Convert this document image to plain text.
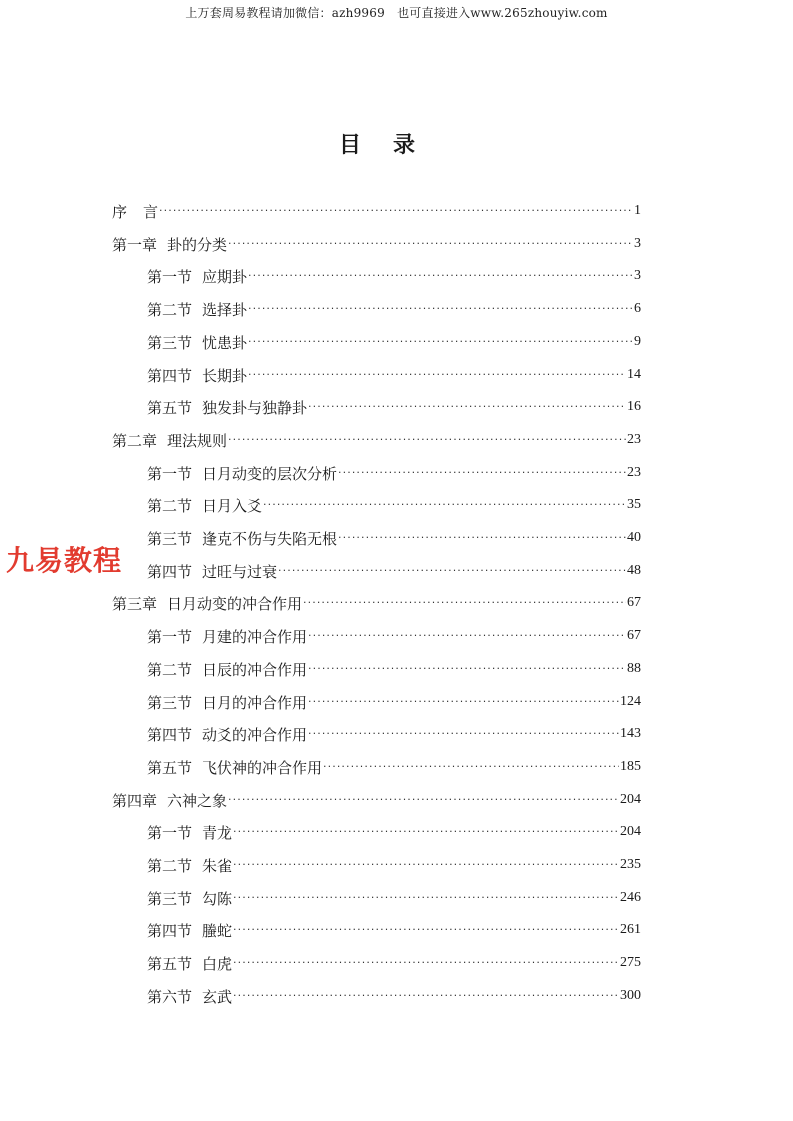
上万套周易教程请加微信：azh9969　也可直接进入www.265zhouyiw.com
目 录
序 言 ·····	1
第一章 卦的分类 ·····	3
第一节 应期卦 ·····	3
第二节 选择卦 ·····	6
第三节 忧患卦 ·····	9
第四节 长期卦 ·····	14
第五节 独发卦与独静卦 ·····	16
第二章 理法规则 ·····	23
第一节 日月动变的层次分析 ·····	23
第二节 日月入爻 ·····	35
第三节 逢克不伤与失陷无根 ·····	40
第四节 过旺与过衰 ·····	48
第三章 日月动变的冲合作用 ·····	67
第一节 月建的冲合作用 ·····	67
第二节 日辰的冲合作用 ·····	88
第三节 日月的冲合作用 ·····	124
第四节 动爻的冲合作用 ·····	143
第五节 飞伏神的冲合作用 ·····	185
第四章 六神之象 ·····	204
第一节 青龙 ·····	204
第二节 朱雀 ·····	235
第三节 勾陈 ·····	246
第四节 螣蛇 ·····	261
第五节 白虎 ·····	275
第六节 玄武 ·····	300
九易教程
